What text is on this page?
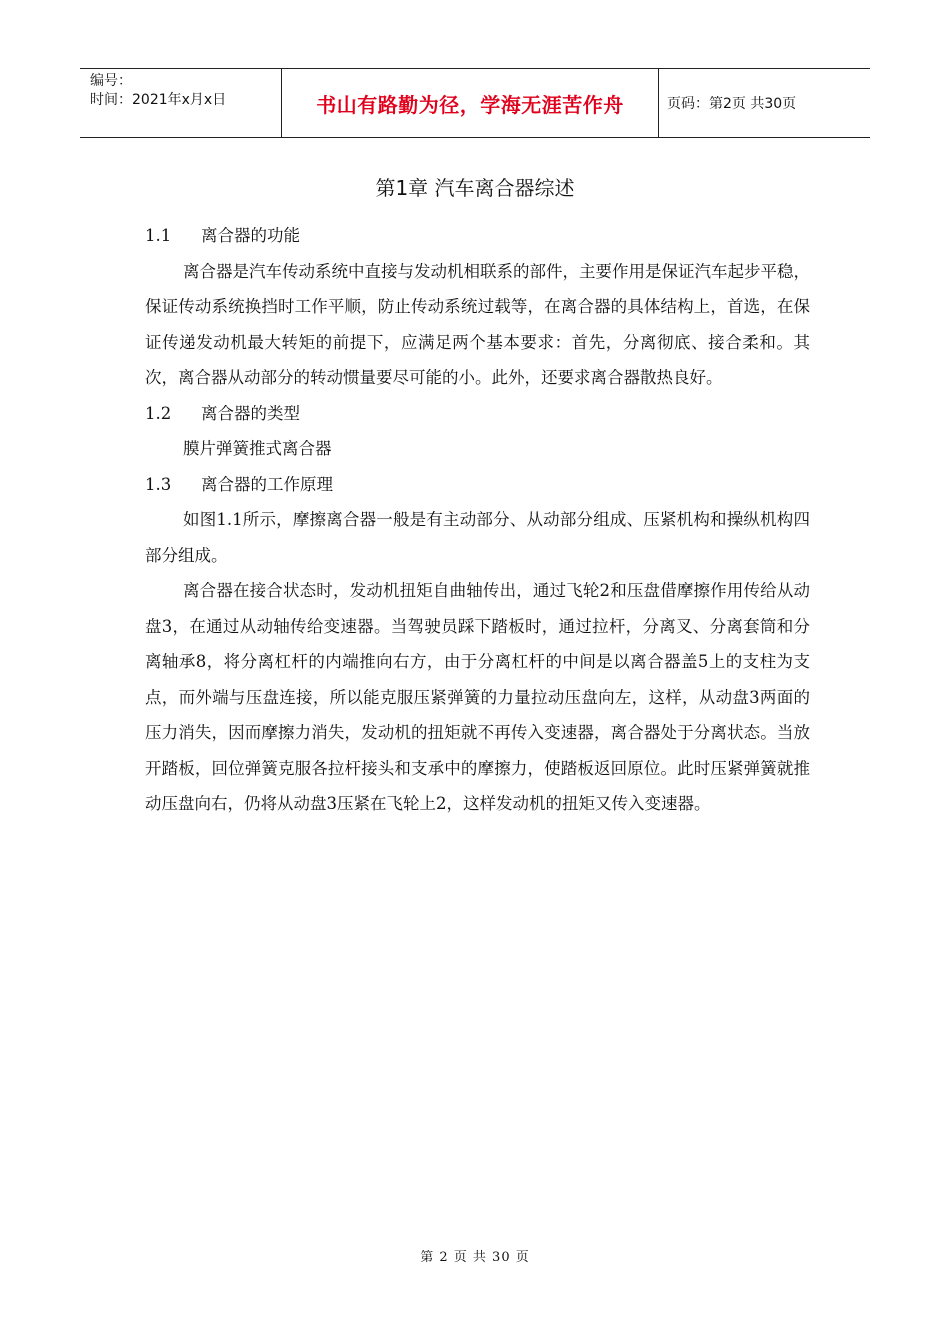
编号：
时间：2021年x月x日	书山有路勤为径，学海无涯苦作舟	页码：第2页 共30页
第1章 汽车离合器综述

1.1 离合器的功能

离合器是汽车传动系统中直接与发动机相联系的部件，主要作用是保证汽车起步平稳，保证传动系统换挡时工作平顺，防止传动系统过载等，在离合器的具体结构上，首选，在保证传递发动机最大转矩的前提下，应满足两个基本要求：首先，分离彻底、接合柔和。其次，离合器从动部分的转动惯量要尽可能的小。此外，还要求离合器散热良好。

1.2 离合器的类型

膜片弹簧推式离合器

1.3 离合器的工作原理

如图1.1所示，摩擦离合器一般是有主动部分、从动部分组成、压紧机构和操纵机构四部分组成。

离合器在接合状态时，发动机扭矩自曲轴传出，通过飞轮2和压盘借摩擦作用传给从动盘3，在通过从动轴传给变速器。当驾驶员踩下踏板时，通过拉杆，分离叉、分离套筒和分离轴承8，将分离杠杆的内端推向右方，由于分离杠杆的中间是以离合器盖5上的支柱为支点，而外端与压盘连接，所以能克服压紧弹簧的力量拉动压盘向左，这样，从动盘3两面的压力消失，因而摩擦力消失，发动机的扭矩就不再传入变速器，离合器处于分离状态。当放开踏板，回位弹簧克服各拉杆接头和支承中的摩擦力，使踏板返回原位。此时压紧弹簧就推动压盘向右，仍将从动盘3压紧在飞轮上2，这样发动机的扭矩又传入变速器。

第 2 页 共 30 页
